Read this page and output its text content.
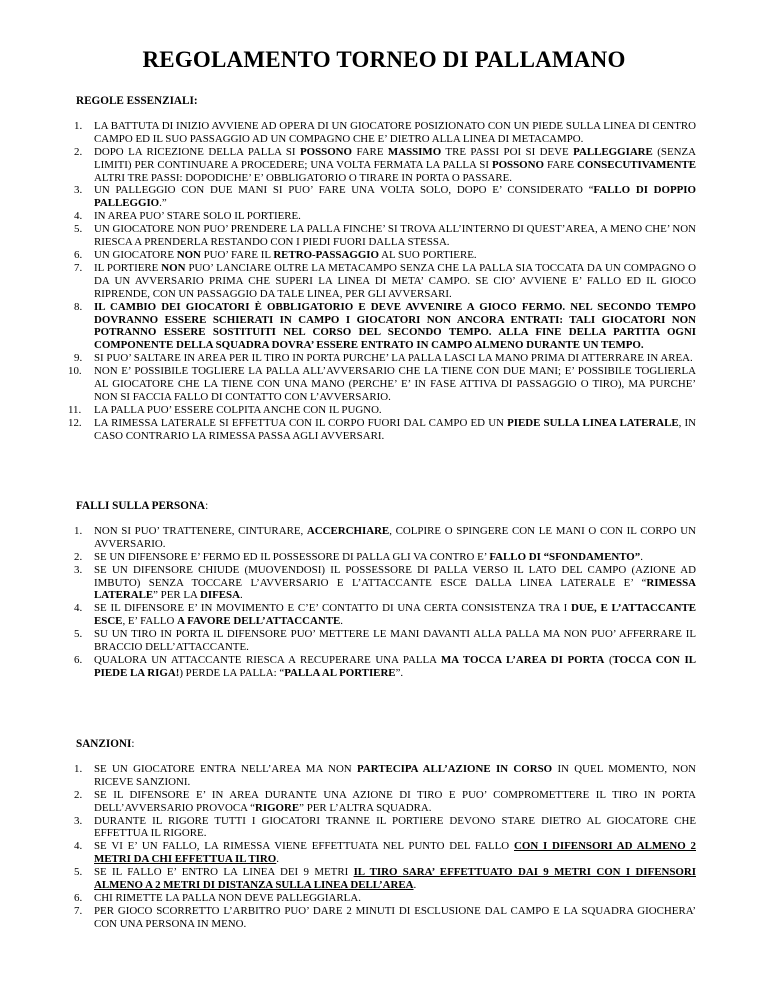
REGOLAMENTO TORNEO DI PALLAMANO

REGOLE ESSENZIALI:

1.	LA BATTUTA DI INIZIO AVVIENE AD OPERA DI UN GIOCATORE POSIZIONATO CON UN PIEDE SULLA LINEA DI CENTRO CAMPO ED IL SUO PASSAGGIO AD UN COMPAGNO CHE E’ DIETRO ALLA LINEA DI METACAMPO.
2.	DOPO LA RICEZIONE DELLA PALLA SI POSSONO FARE MASSIMO TRE PASSI POI SI DEVE PALLEGGIARE (SENZA LIMITI) PER CONTINUARE A PROCEDERE; UNA VOLTA FERMATA LA PALLA SI POSSONO FARE CONSECUTIVAMENTE ALTRI TRE PASSI: DOPODICHE’ E’ OBBLIGATORIO O TIRARE IN PORTA O PASSARE.
3.	UN PALLEGGIO CON DUE MANI SI PUO’ FARE UNA VOLTA SOLO, DOPO E’ CONSIDERATO “FALLO DI DOPPIO PALLEGGIO.”
4.	IN AREA PUO’ STARE SOLO IL PORTIERE.
5.	UN GIOCATORE NON PUO’ PRENDERE LA PALLA FINCHE’ SI TROVA ALL’INTERNO DI QUEST’AREA, A MENO CHE’ NON RIESCA A PRENDERLA RESTANDO CON I PIEDI FUORI DALLA STESSA.
6.	UN GIOCATORE NON PUO’ FARE IL RETRO-PASSAGGIO AL SUO PORTIERE.
7.	IL PORTIERE NON PUO’ LANCIARE OLTRE LA METACAMPO SENZA CHE LA PALLA SIA TOCCATA DA UN COMPAGNO O DA UN AVVERSARIO PRIMA CHE SUPERI LA LINEA DI META’ CAMPO. SE CIO’ AVVIENE E’ FALLO ED IL GIOCO RIPRENDE, CON UN PASSAGGIO DA TALE LINEA, PER GLI AVVERSARI.
8.	IL CAMBIO DEI GIOCATORI È OBBLIGATORIO E DEVE AVVENIRE A GIOCO FERMO. NEL SECONDO TEMPO DOVRANNO ESSERE SCHIERATI IN CAMPO I GIOCATORI NON ANCORA ENTRATI: TALI GIOCATORI NON POTRANNO ESSERE SOSTITUITI NEL CORSO DEL SECONDO TEMPO. ALLA FINE DELLA PARTITA OGNI COMPONENTE DELLA SQUADRA DOVRA’ ESSERE ENTRATO IN CAMPO ALMENO DURANTE UN TEMPO.
9.	SI PUO’ SALTARE IN AREA PER IL TIRO IN PORTA PURCHE’ LA PALLA LASCI LA MANO PRIMA DI ATTERRARE IN AREA.
10. NON E’ POSSIBILE TOGLIERE LA PALLA ALL’AVVERSARIO CHE LA TIENE CON DUE MANI; E’ POSSIBILE TOGLIERLA AL GIOCATORE CHE LA TIENE CON UNA MANO (PERCHE’ E’ IN FASE ATTIVA DI PASSAGGIO O TIRO), MA PURCHE’ NON SI FACCIA FALLO DI CONTATTO CON L’AVVERSARIO.
11. LA PALLA PUO’ ESSERE COLPITA ANCHE CON IL PUGNO.
12. LA RIMESSA LATERALE SI EFFETTUA CON IL CORPO FUORI DAL CAMPO ED UN PIEDE SULLA LINEA LATERALE, IN CASO CONTRARIO LA RIMESSA PASSA AGLI AVVERSARI.

FALLI SULLA PERSONA:

1.	NON SI PUO’ TRATTENERE, CINTURARE, ACCERCHIARE, COLPIRE O SPINGERE CON LE MANI O CON IL CORPO UN AVVERSARIO.
2.	SE UN DIFENSORE E’ FERMO ED IL POSSESSORE DI PALLA GLI VA CONTRO E’ FALLO DI “SFONDAMENTO”.
3.	SE UN DIFENSORE CHIUDE (MUOVENDOSI) IL POSSESSORE DI PALLA VERSO IL LATO DEL CAMPO (AZIONE AD IMBUTO) SENZA TOCCARE L’AVVERSARIO E L’ATTACCANTE ESCE DALLA LINEA LATERALE E’ “RIMESSA LATERALE” PER LA DIFESA.
4.	SE IL DIFENSORE E’ IN MOVIMENTO E C’E’ CONTATTO DI UNA CERTA CONSISTENZA TRA I DUE, E L’ATTACCANTE ESCE, E’ FALLO A FAVORE DELL’ATTACCANTE.
5.	SU UN TIRO IN PORTA IL DIFENSORE PUO’ METTERE LE MANI DAVANTI ALLA PALLA MA NON PUO’ AFFERRARE IL BRACCIO DELL’ATTACCANTE.
6.	QUALORA UN ATTACCANTE RIESCA A RECUPERARE UNA PALLA MA TOCCA L’AREA DI PORTA (TOCCA CON IL PIEDE LA RIGA!) PERDE LA PALLA: “PALLA AL PORTIERE”.

SANZIONI:

1.	SE UN GIOCATORE ENTRA NELL’AREA MA NON PARTECIPA ALL’AZIONE IN CORSO IN QUEL MOMENTO, NON RICEVE SANZIONI.
2.	SE IL DIFENSORE E’ IN AREA DURANTE UNA AZIONE DI TIRO E PUO’ COMPROMETTERE IL TIRO IN PORTA DELL’AVVERSARIO PROVOCA “RIGORE” PER L’ALTRA SQUADRA.
3.	DURANTE IL RIGORE TUTTI I GIOCATORI TRANNE IL PORTIERE DEVONO STARE DIETRO AL GIOCATORE CHE EFFETTUA IL RIGORE.
4.	SE VI E’ UN FALLO, LA RIMESSA VIENE EFFETTUATA NEL PUNTO DEL FALLO CON I DIFENSORI AD ALMENO 2 METRI DA CHI EFFETTUA IL TIRO.
5.	SE IL FALLO E’ ENTRO LA LINEA DEI 9 METRI IL TIRO SARA’ EFFETTUATO DAI 9 METRI CON I DIFENSORI ALMENO A 2 METRI DI DISTANZA SULLA LINEA DELL’AREA.
6.	CHI RIMETTE LA PALLA NON DEVE PALLEGGIARLA.
7.	PER GIOCO SCORRETTO L’ARBITRO PUO’ DARE 2 MINUTI DI ESCLUSIONE DAL CAMPO E LA SQUADRA GIOCHERA’ CON UNA PERSONA IN MENO.
